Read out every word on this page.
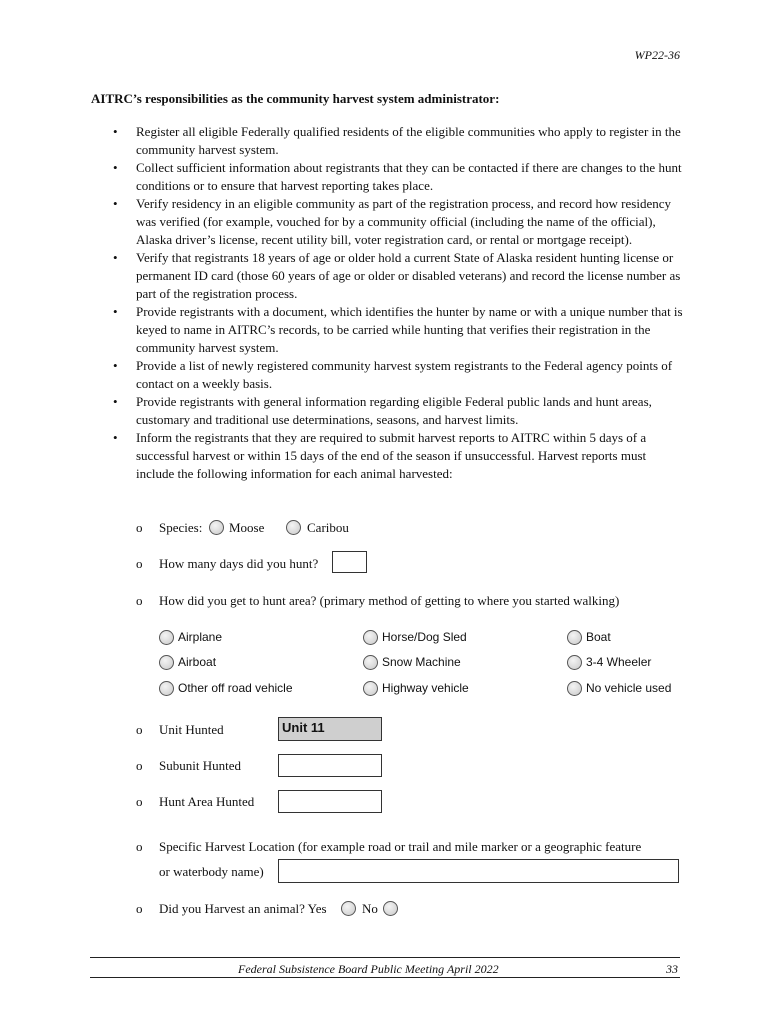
WP22-36
AITRC’s responsibilities as the community harvest system administrator:
• Register all eligible Federally qualified residents of the eligible communities who apply to register in the community harvest system.
• Collect sufficient information about registrants that they can be contacted if there are changes to the hunt conditions or to ensure that harvest reporting takes place.
• Verify residency in an eligible community as part of the registration process, and record how residency was verified (for example, vouched for by a community official (including the name of the official), Alaska driver’s license, recent utility bill, voter registration card, or rental or mortgage receipt).
• Verify that registrants 18 years of age or older hold a current State of Alaska resident hunting license or permanent ID card (those 60 years of age or older or disabled veterans) and record the license number as part of the registration process.
• Provide registrants with a document, which identifies the hunter by name or with a unique number that is keyed to name in AITRC’s records, to be carried while hunting that verifies their registration in the community harvest system.
• Provide a list of newly registered community harvest system registrants to the Federal agency points of contact on a weekly basis.
• Provide registrants with general information regarding eligible Federal public lands and hunt areas, customary and traditional use determinations, seasons, and harvest limits.
• Inform the registrants that they are required to submit harvest reports to AITRC within 5 days of a successful harvest or within 15 days of the end of the season if unsuccessful. Harvest reports must include the following information for each animal harvested:
o Species: Moose	Caribou
o How many days did you hunt?
o How did you get to hunt area? (primary method of getting to where you started walking)
Airplane	Horse/Dog Sled	Boat
Airboat	Snow Machine	3-4 Wheeler
Other off road vehicle	Highway vehicle	No vehicle used
o Unit Hunted	Unit 11
o Subunit Hunted
o Hunt Area Hunted
o Specific Harvest Location (for example road or trail and mile marker or a geographic feature
or waterbody name)
o Did you Harvest an animal? Yes	No
Federal Subsistence Board Public Meeting April 2022	33
